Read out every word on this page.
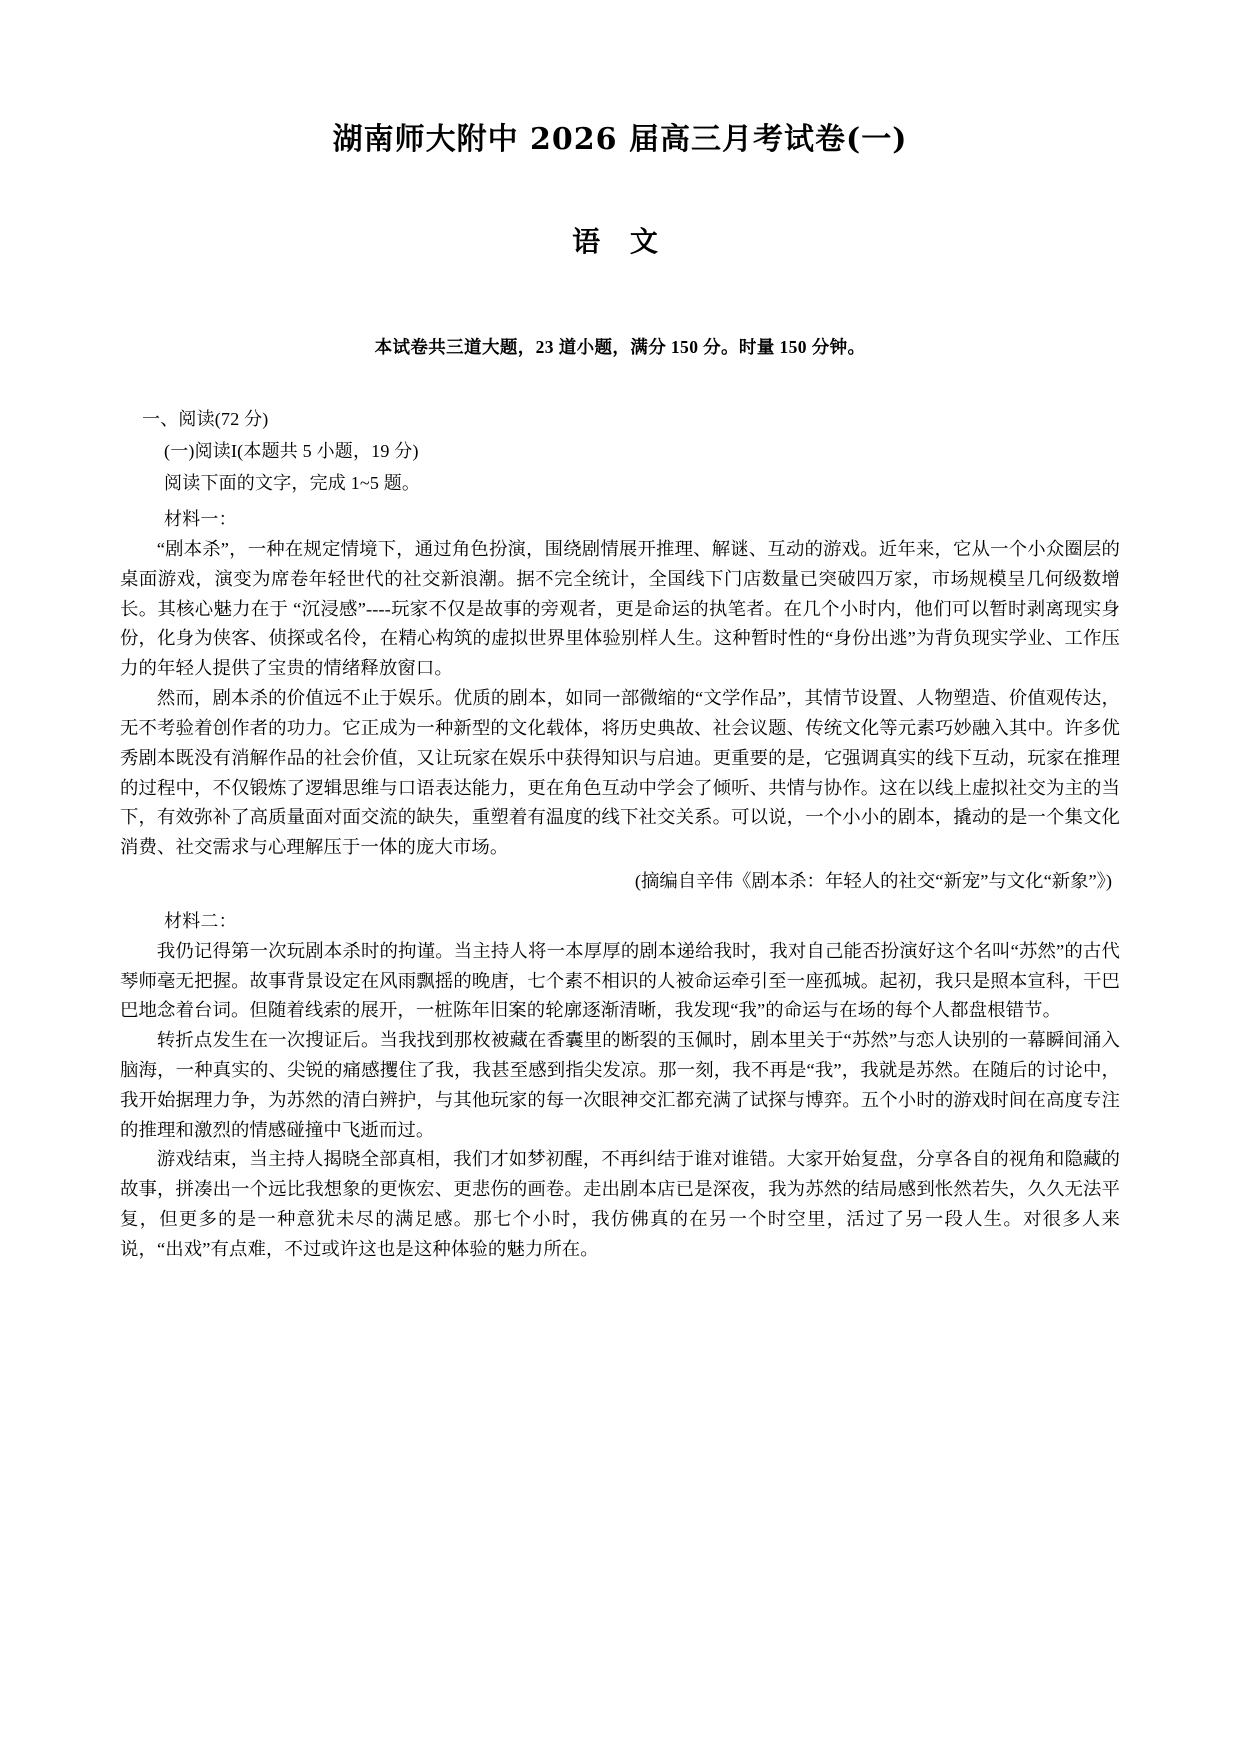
湖南师大附中 2026 届高三月考试卷(一)
语 文
本试卷共三道大题，23 道小题，满分 150 分。时量 150 分钟。
一、阅读(72 分)
(一)阅读I(本题共 5 小题，19 分)
阅读下面的文字，完成 1~5 题。
材料一：

“剧本杀”，一种在规定情境下，通过角色扮演，围绕剧情展开推理、解谜、互动的游戏。近年来，它从一个小众圈层的桌面游戏，演变为席卷年轻世代的社交新浪潮。据不完全统计，全国线下门店数量已突破四万家，市场规模呈几何级数增长。其核心魅力在于 “沉浸感”----玩家不仅是故事的旁观者，更是命运的执笔者。在几个小时内，他们可以暂时剥离现实身份，化身为侠客、侦探或名伶，在精心构筑的虚拟世界里体验别样人生。这种暂时性的“身份出逃”为背负现实学业、工作压力的年轻人提供了宝贵的情绪释放窗口。

然而，剧本杀的价值远不止于娱乐。优质的剧本，如同一部微缩的“文学作品”，其情节设置、人物塑造、价值观传达，无不考验着创作者的功力。它正成为一种新型的文化载体，将历史典故、社会议题、传统文化等元素巧妙融入其中。许多优秀剧本既没有消解作品的社会价值，又让玩家在娱乐中获得知识与启迪。更重要的是，它强调真实的线下互动，玩家在推理的过程中，不仅锻炼了逻辑思维与口语表达能力，更在角色互动中学会了倾听、共情与协作。这在以线上虚拟社交为主的当下，有效弥补了高质量面对面交流的缺失，重塑着有温度的线下社交关系。可以说，一个小小的剧本，撬动的是一个集文化消费、社交需求与心理解压于一体的庞大市场。

(摘编自辛伟《剧本杀：年轻人的社交“新宠”与文化“新象”》)
材料二：

我仍记得第一次玩剧本杀时的拘谨。当主持人将一本厚厚的剧本递给我时，我对自己能否扮演好这个名叫“苏然”的古代琴师毫无把握。故事背景设定在风雨飘摇的晚唐，七个素不相识的人被命运牵引至一座孤城。起初，我只是照本宣科，干巴巴地念着台词。但随着线索的展开，一桩陈年旧案的轮廓逐渐清晰，我发现“我”的命运与在场的每个人都盘根错节。

转折点发生在一次搜证后。当我找到那枚被藏在香囊里的断裂的玉佩时，剧本里关于“苏然”与恋人诀别的一幕瞬间涌入脑海，一种真实的、尖锐的痛感攫住了我，我甚至感到指尖发凉。那一刻，我不再是“我”，我就是苏然。在随后的讨论中，我开始据理力争，为苏然的清白辨护，与其他玩家的每一次眼神交汇都充满了试探与博弈。五个小时的游戏时间在高度专注的推理和激烈的情感碰撞中飞逝而过。

游戏结束，当主持人揭晓全部真相，我们才如梦初醒，不再纠结于谁对谁错。大家开始复盘，分享各自的视角和隐藏的故事，拼凑出一个远比我想象的更恢宏、更悲伤的画卷。走出剧本店已是深夜，我为苏然的结局感到怅然若失，久久无法平复，但更多的是一种意犹未尽的满足感。那七个小时，我仿佛真的在另一个时空里，活过了另一段人生。对很多人来说，“出戏”有点难，不过或许这也是这种体验的魅力所在。
